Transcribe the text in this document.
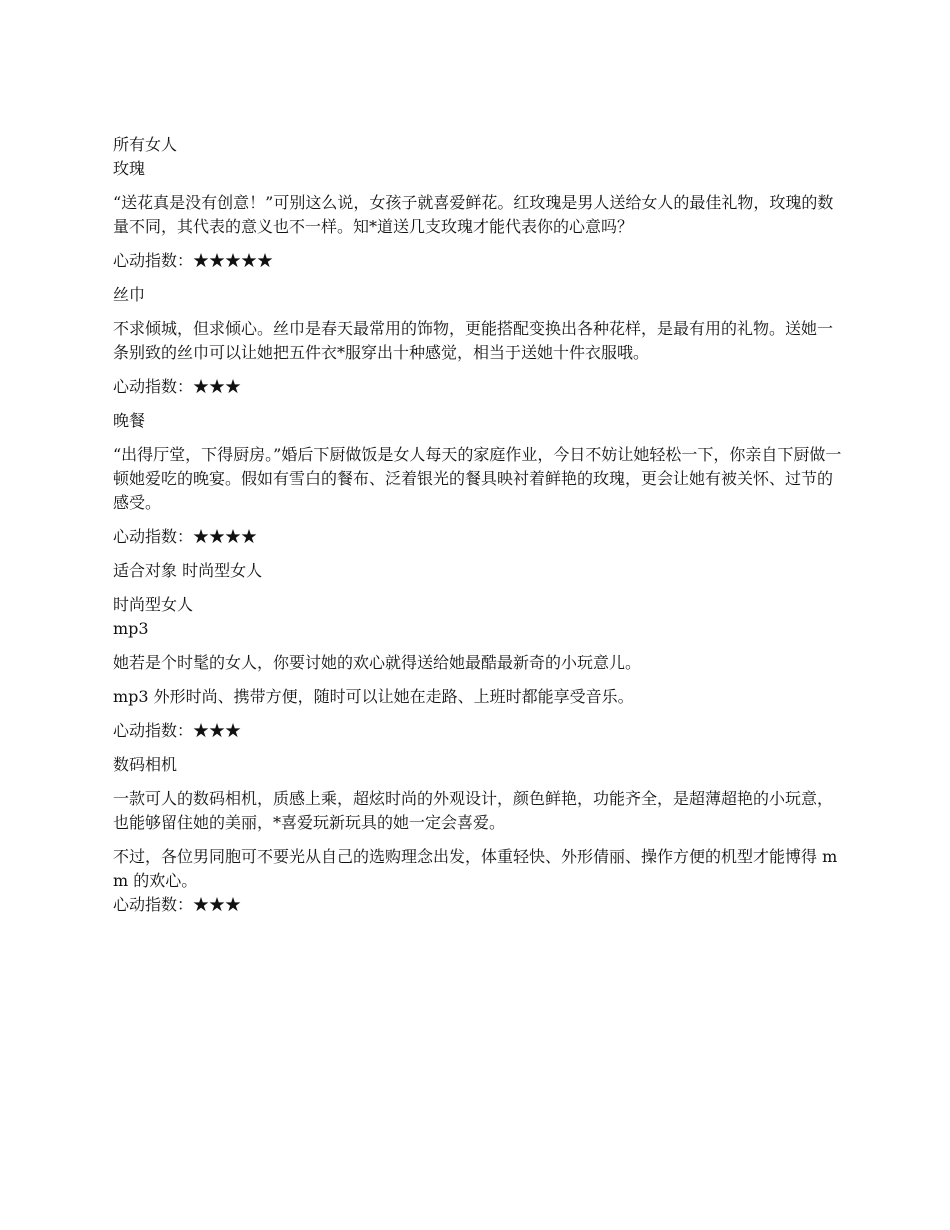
所有女人
玫瑰

“送花真是没有创意！”可别这么说，女孩子就喜爱鲜花。红玫瑰是男人送给女人的最佳礼物，玫瑰的数量不同，其代表的意义也不一样。知*道送几支玫瑰才能代表你的心意吗？

心动指数：★★★★★
丝巾

不求倾城，但求倾心。丝巾是春天最常用的饰物，更能搭配变换出各种花样，是最有用的礼物。送她一条别致的丝巾可以让她把五件衣*服穿出十种感觉，相当于送她十件衣服哦。

心动指数：★★★
晚餐

“出得厅堂，下得厨房。”婚后下厨做饭是女人每天的家庭作业，今日不妨让她轻松一下，你亲自下厨做一顿她爱吃的晚宴。假如有雪白的餐布、泛着银光的餐具映衬着鲜艳的玫瑰，更会让她有被关怀、过节的感受。

心动指数：★★★★
适合对象 时尚型女人
时尚型女人
mp3

她若是个时髦的女人，你要讨她的欢心就得送给她最酷最新奇的小玩意儿。

mp3 外形时尚、携带方便，随时可以让她在走路、上班时都能享受音乐。

心动指数：★★★
数码相机

一款可人的数码相机，质感上乘，超炫时尚的外观设计，颜色鲜艳，功能齐全，是超薄超艳的小玩意，也能够留住她的美丽，*喜爱玩新玩具的她一定会喜爱。

不过，各位男同胞可不要光从自己的选购理念出发，体重轻快、外形倩丽、操作方便的机型才能博得 mm 的欢心。

心动指数：★★★
